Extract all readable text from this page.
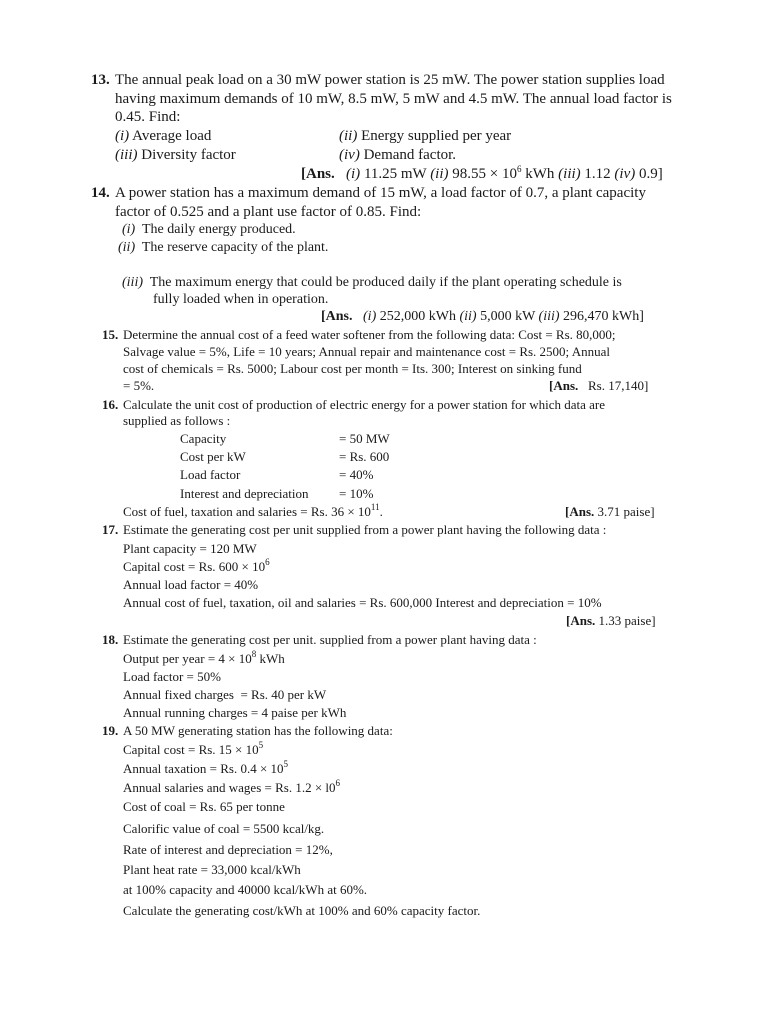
13. The annual peak load on a 30 mW power station is 25 mW. The power station supplies load
having maximum demands of 10 mW, 8.5 mW, 5 mW and 4.5 mW. The annual load factor is
0.45. Find:
(i) Average load	(ii) Energy supplied per year
(iii) Diversity factor	(iv) Demand factor.
[Ans. (i) 11.25 mW (ii) $98.55 \times 10^6$ kWh (iii) 1.12 (iv) 0.9]
14. A power station has a maximum demand of 15 mW, a load factor of 0.7, a plant capacity
factor of 0.525 and a plant use factor of 0.85. Find:
(i) The daily energy produced.
(ii) The reserve capacity of the plant.
(iii) The maximum energy that could be produced daily if the plant operating schedule is
fully loaded when in operation.
[Ans. (i) 252,000 kWh (ii) 5,000 kW (iii) 296,470 kWh]
15. Determine the annual cost of a feed water softener from the following data: Cost = Rs. 80,000;
Salvage value = 5%, Life = 10 years; Annual repair and maintenance cost = Rs. 2500; Annual
cost of chemicals = Rs. 5000; Labour cost per month = Its. 300; Interest on sinking fund
= 5%.	[Ans. Rs. 17,140]
16. Calculate the unit cost of production of electric energy for a power station for which data are
supplied as follows :
Capacity	= 50 MW
Cost per kW	= Rs. 600
Load factor	= 40%
Interest and depreciation = 10%
Cost of fuel, taxation and salaries = Rs. $36 \times 10^{11}$.	[Ans. 3.71 paise]
17. Estimate the generating cost per unit supplied from a power plant having the following data :
Plant capacity = 120 MW
Capital cost = Rs. $600 \times 10^6$
Annual load factor = 40%
Annual cost of fuel, taxation, oil and salaries = Rs. 600,000 Interest and depreciation = 10%
[Ans. 1.33 paise]
18. Estimate the generating cost per unit. supplied from a power plant having data :
Output per year = $4 \times 10^8$ kWh
Load factor = 50%
Annual fixed charges  = Rs. 40 per kW
Annual running charges = 4 paise per kWh
19. A 50 MW generating station has the following data:
Capital cost = Rs. $15 \times 10^5$
Annual taxation = Rs. $0.4 \times 10^5$
Annual salaries and wages = Rs. $1.2 \times l0^6$
Cost of coal = Rs. 65 per tonne
Calorific value of coal = 5500 kcal/kg.
Rate of interest and depreciation = 12%,
Plant heat rate = 33,000 kcal/kWh
at 100% capacity and 40000 kcal/kWh at 60%.
Calculate the generating cost/kWh at 100% and 60% capacity factor.
